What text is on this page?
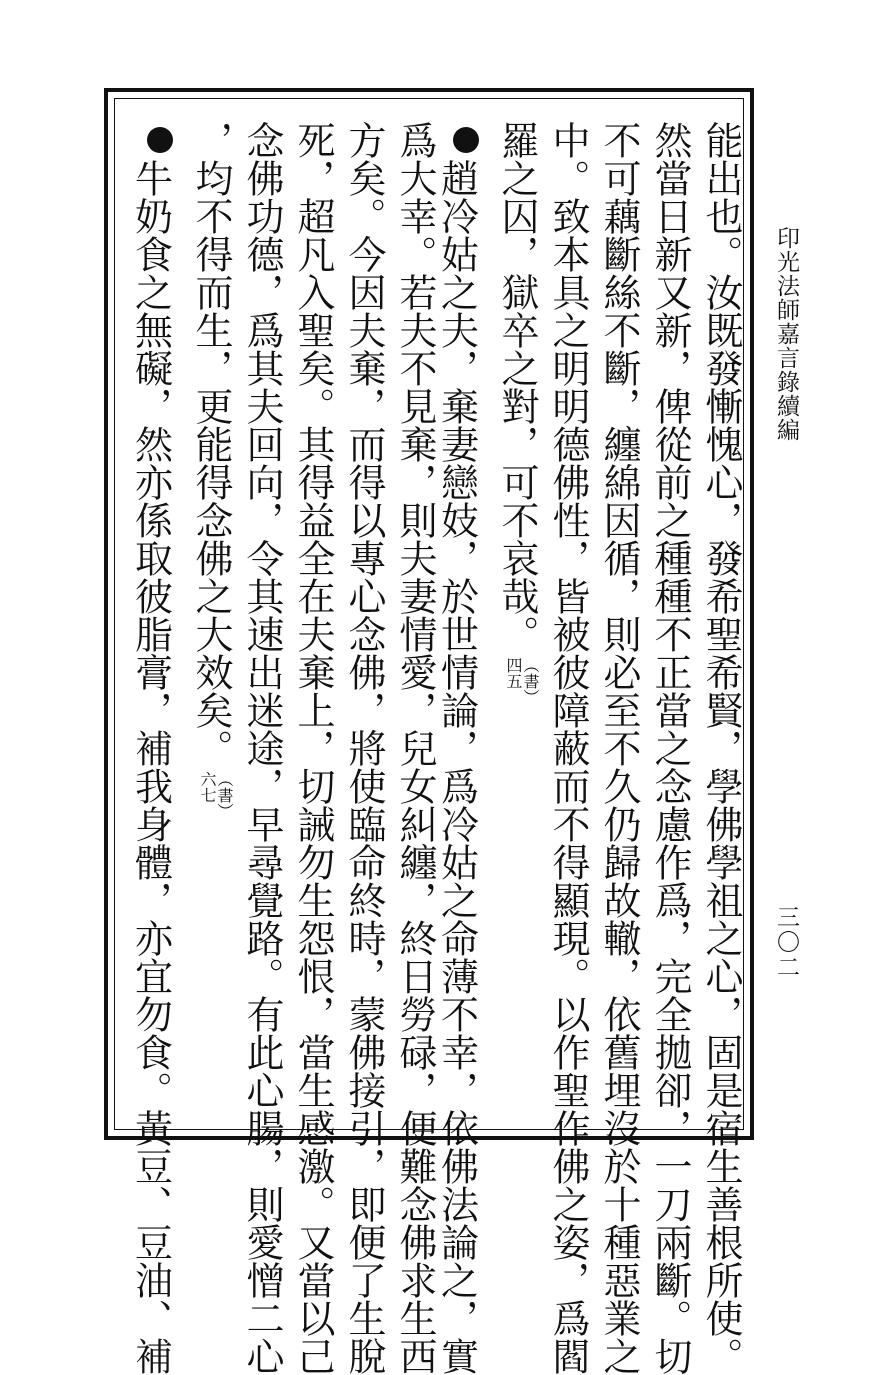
印光法師嘉言錄續編
三〇二
能出也。汝既發慚愧心，發希聖希賢，學佛學祖之心，固是宿生善根所使。
然當日新又新，俾從前之種種不正當之念慮作爲，完全拋卻，一刀兩斷。切
不可藕斷絲不斷，纏綿因循，則必至不久仍歸故轍，依舊埋沒於十種惡業之
中。致本具之明明德佛性，皆被彼障蔽而不得顯現。以作聖作佛之姿，爲閻
羅之囚，獄卒之對，可不哀哉。
（書）
四五
趙冷姑之夫，棄妻戀妓，於世情論，爲冷姑之命薄不幸，依佛法論之，實
爲大幸。若夫不見棄，則夫妻情愛，兒女糾纏，終日勞碌，便難念佛求生西
方矣。今因夫棄，而得以專心念佛，將使臨命終時，蒙佛接引，即便了生脫
死，超凡入聖矣。其得益全在夫棄上，切誡勿生怨恨，當生感激。又當以己
念佛功德，爲其夫回向，令其速出迷途，早尋覺路。有此心腸，則愛憎二心
，均不得而生，更能得念佛之大效矣。
（書）
六七
牛奶食之無礙，然亦係取彼脂膏，補我身體，亦宜勿食。黃豆、豆油、補
